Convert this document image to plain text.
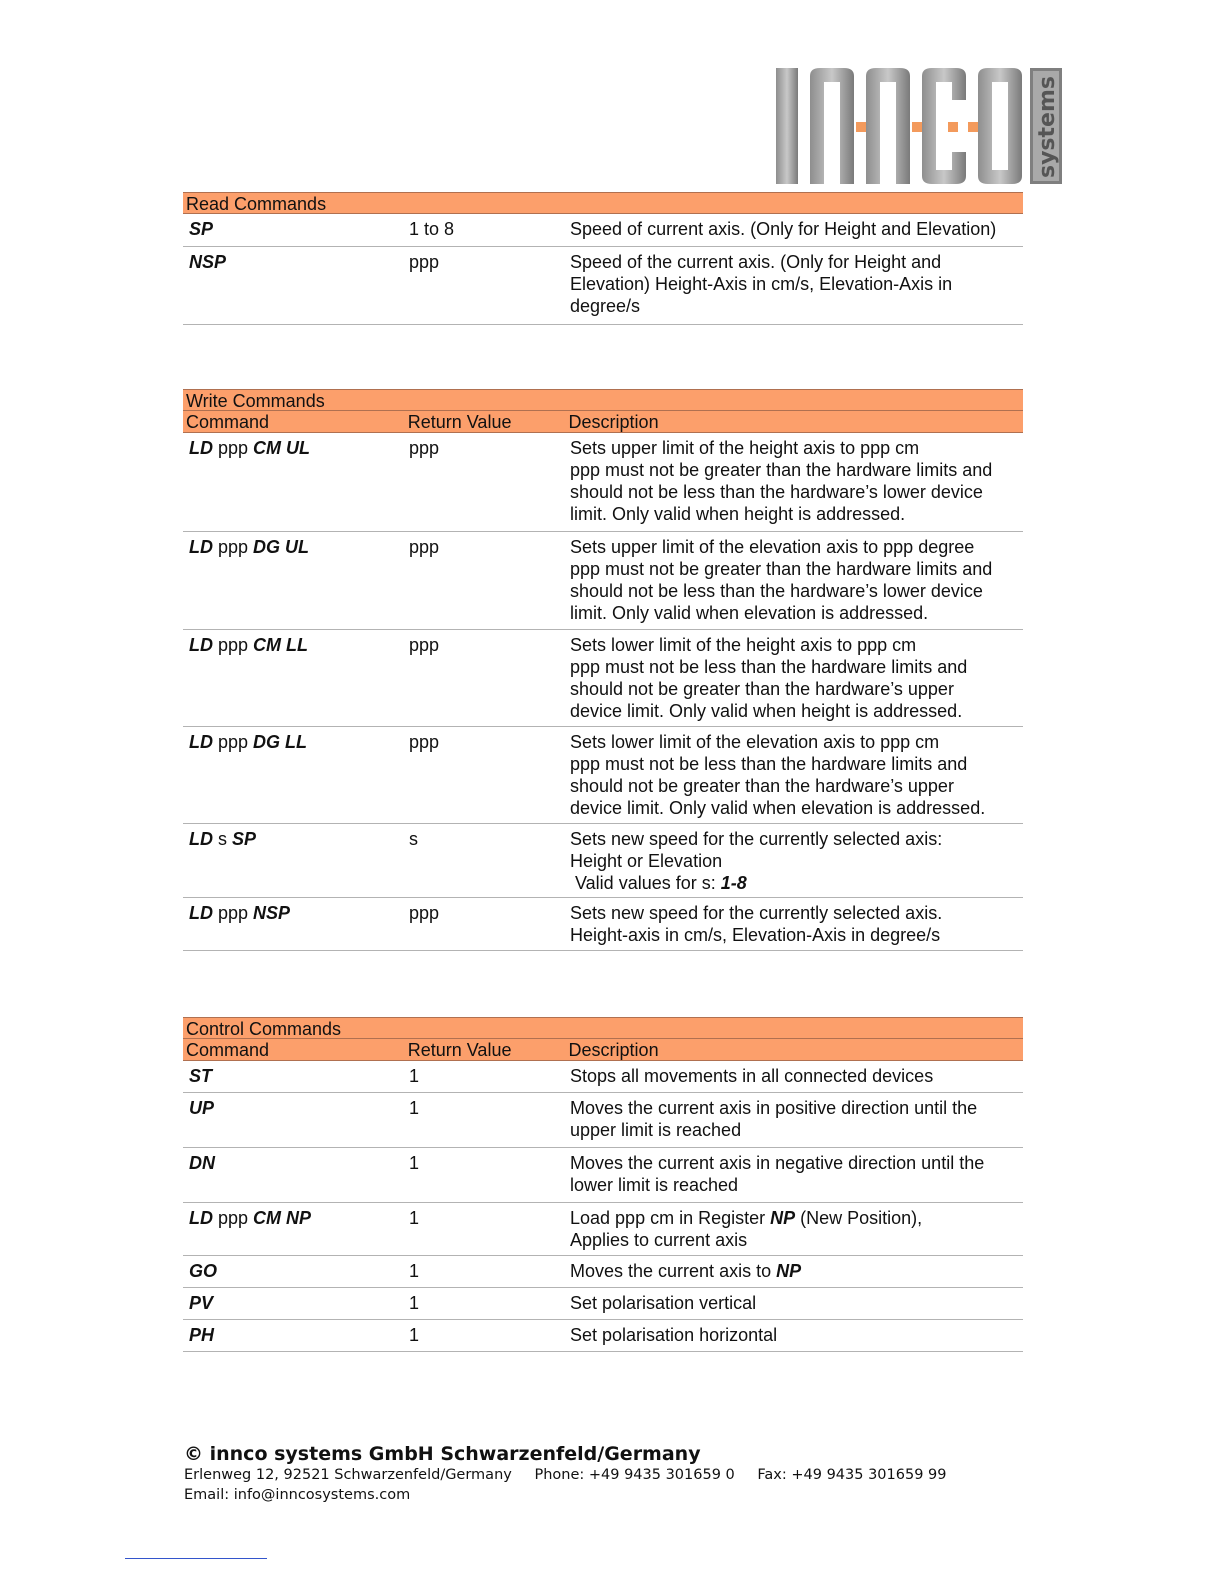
systems
INNCO
Read Commands
SP	1 to 8	Speed of current axis. (Only for Height and Elevation)
NSP	ppp	Speed of the current axis. (Only for Height and
Elevation) Height-Axis in cm/s, Elevation-Axis in
degree/s
Write Commands
Command	Return Value	Description
LD ppp CM UL	ppp	Sets upper limit of the height axis to ppp cm
ppp must not be greater than the hardware limits and
should not be less than the hardware’s lower device
limit. Only valid when height is addressed.
LD ppp DG UL	ppp	Sets upper limit of the elevation axis to ppp degree
ppp must not be greater than the hardware limits and
should not be less than the hardware’s lower device
limit. Only valid when elevation is addressed.
LD ppp CM LL	ppp	Sets lower limit of the height axis to ppp cm
ppp must not be less than the hardware limits and
should not be greater than the hardware’s upper
device limit. Only valid when height is addressed.
LD ppp DG LL	ppp	Sets lower limit of the elevation axis to ppp cm
ppp must not be less than the hardware limits and
should not be greater than the hardware’s upper
device limit. Only valid when elevation is addressed.
LD s SP	s	Sets new speed for the currently selected axis:
Height or Elevation
Valid values for s: 1-8
LD ppp NSP	ppp	Sets new speed for the currently selected axis.
Height-axis in cm/s, Elevation-Axis in degree/s
Control Commands
Command	Return Value	Description
ST	1	Stops all movements in all connected devices
UP	1	Moves the current axis in positive direction until the
upper limit is reached
DN	1	Moves the current axis in negative direction until the
lower limit is reached
LD ppp CM NP	1	Load ppp cm in Register NP (New Position),
Applies to current axis
GO	1	Moves the current axis to NP
PV	1	Set polarisation vertical
PH	1	Set polarisation horizontal
© innco systems GmbH Schwarzenfeld/Germany
Erlenweg 12, 92521 Schwarzenfeld/Germany Phone: +49 9435 301659 0 Fax: +49 9435 301659 99
Email: info@inncosystems.com
